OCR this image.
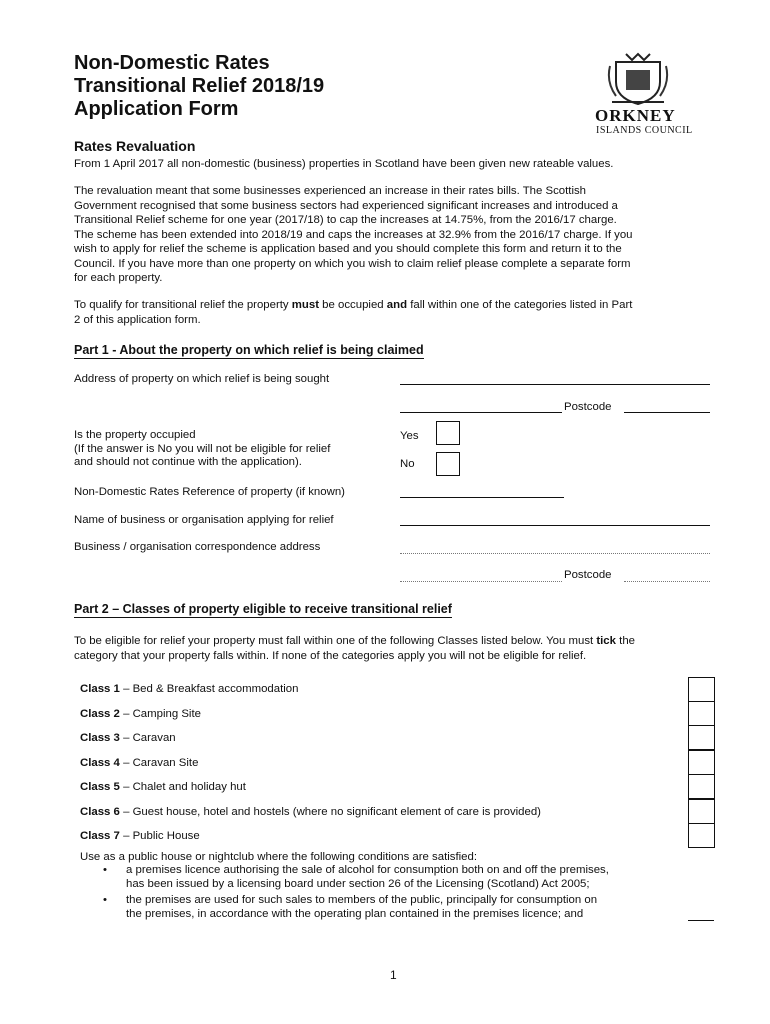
Non-Domestic Rates
Transitional Relief 2018/19
Application Form	ORKNEY
ISLANDS COUNCIL
Rates Revaluation
From 1 April 2017 all non-domestic (business) properties in Scotland have been given new rateable values.
The revaluation meant that some businesses experienced an increase in their rates bills. The Scottish
Government recognised that some business sectors had experienced significant increases and introduced a
Transitional Relief scheme for one year (2017/18) to cap the increases at 14.75%, from the 2016/17 charge.
The scheme has been extended into 2018/19 and caps the increases at 32.9% from the 2016/17 charge. If you
wish to apply for relief the scheme is application based and you should complete this form and return it to the
Council. If you have more than one property on which you wish to claim relief please complete a separate form
for each property.
To qualify for transitional relief the property must be occupied and fall within one of the categories listed in Part
2 of this application form.
Part 1 - About the property on which relief is being claimed
Address of property on which relief is being sought
Postcode
Is the property occupied
(If the answer is No you will not be eligible for relief
and should not continue with the application).
Yes
No
Non-Domestic Rates Reference of property (if known)
Name of business or organisation applying for relief
Business / organisation correspondence address
Postcode
Part 2 – Classes of property eligible to receive transitional relief
To be eligible for relief your property must fall within one of the following Classes listed below. You must tick the
category that your property falls within. If none of the categories apply you will not be eligible for relief.
Class 1 – Bed & Breakfast accommodation
Class 2 – Camping Site
Class 3 – Caravan
Class 4 – Caravan Site
Class 5 – Chalet and holiday hut
Class 6 – Guest house, hotel and hostels (where no significant element of care is provided)
Class 7 – Public House
Use as a public house or nightclub where the following conditions are satisfied:
• a premises licence authorising the sale of alcohol for consumption both on and off the premises,
has been issued by a licensing board under section 26 of the Licensing (Scotland) Act 2005;
• the premises are used for such sales to members of the public, principally for consumption on
the premises, in accordance with the operating plan contained in the premises licence; and
1
